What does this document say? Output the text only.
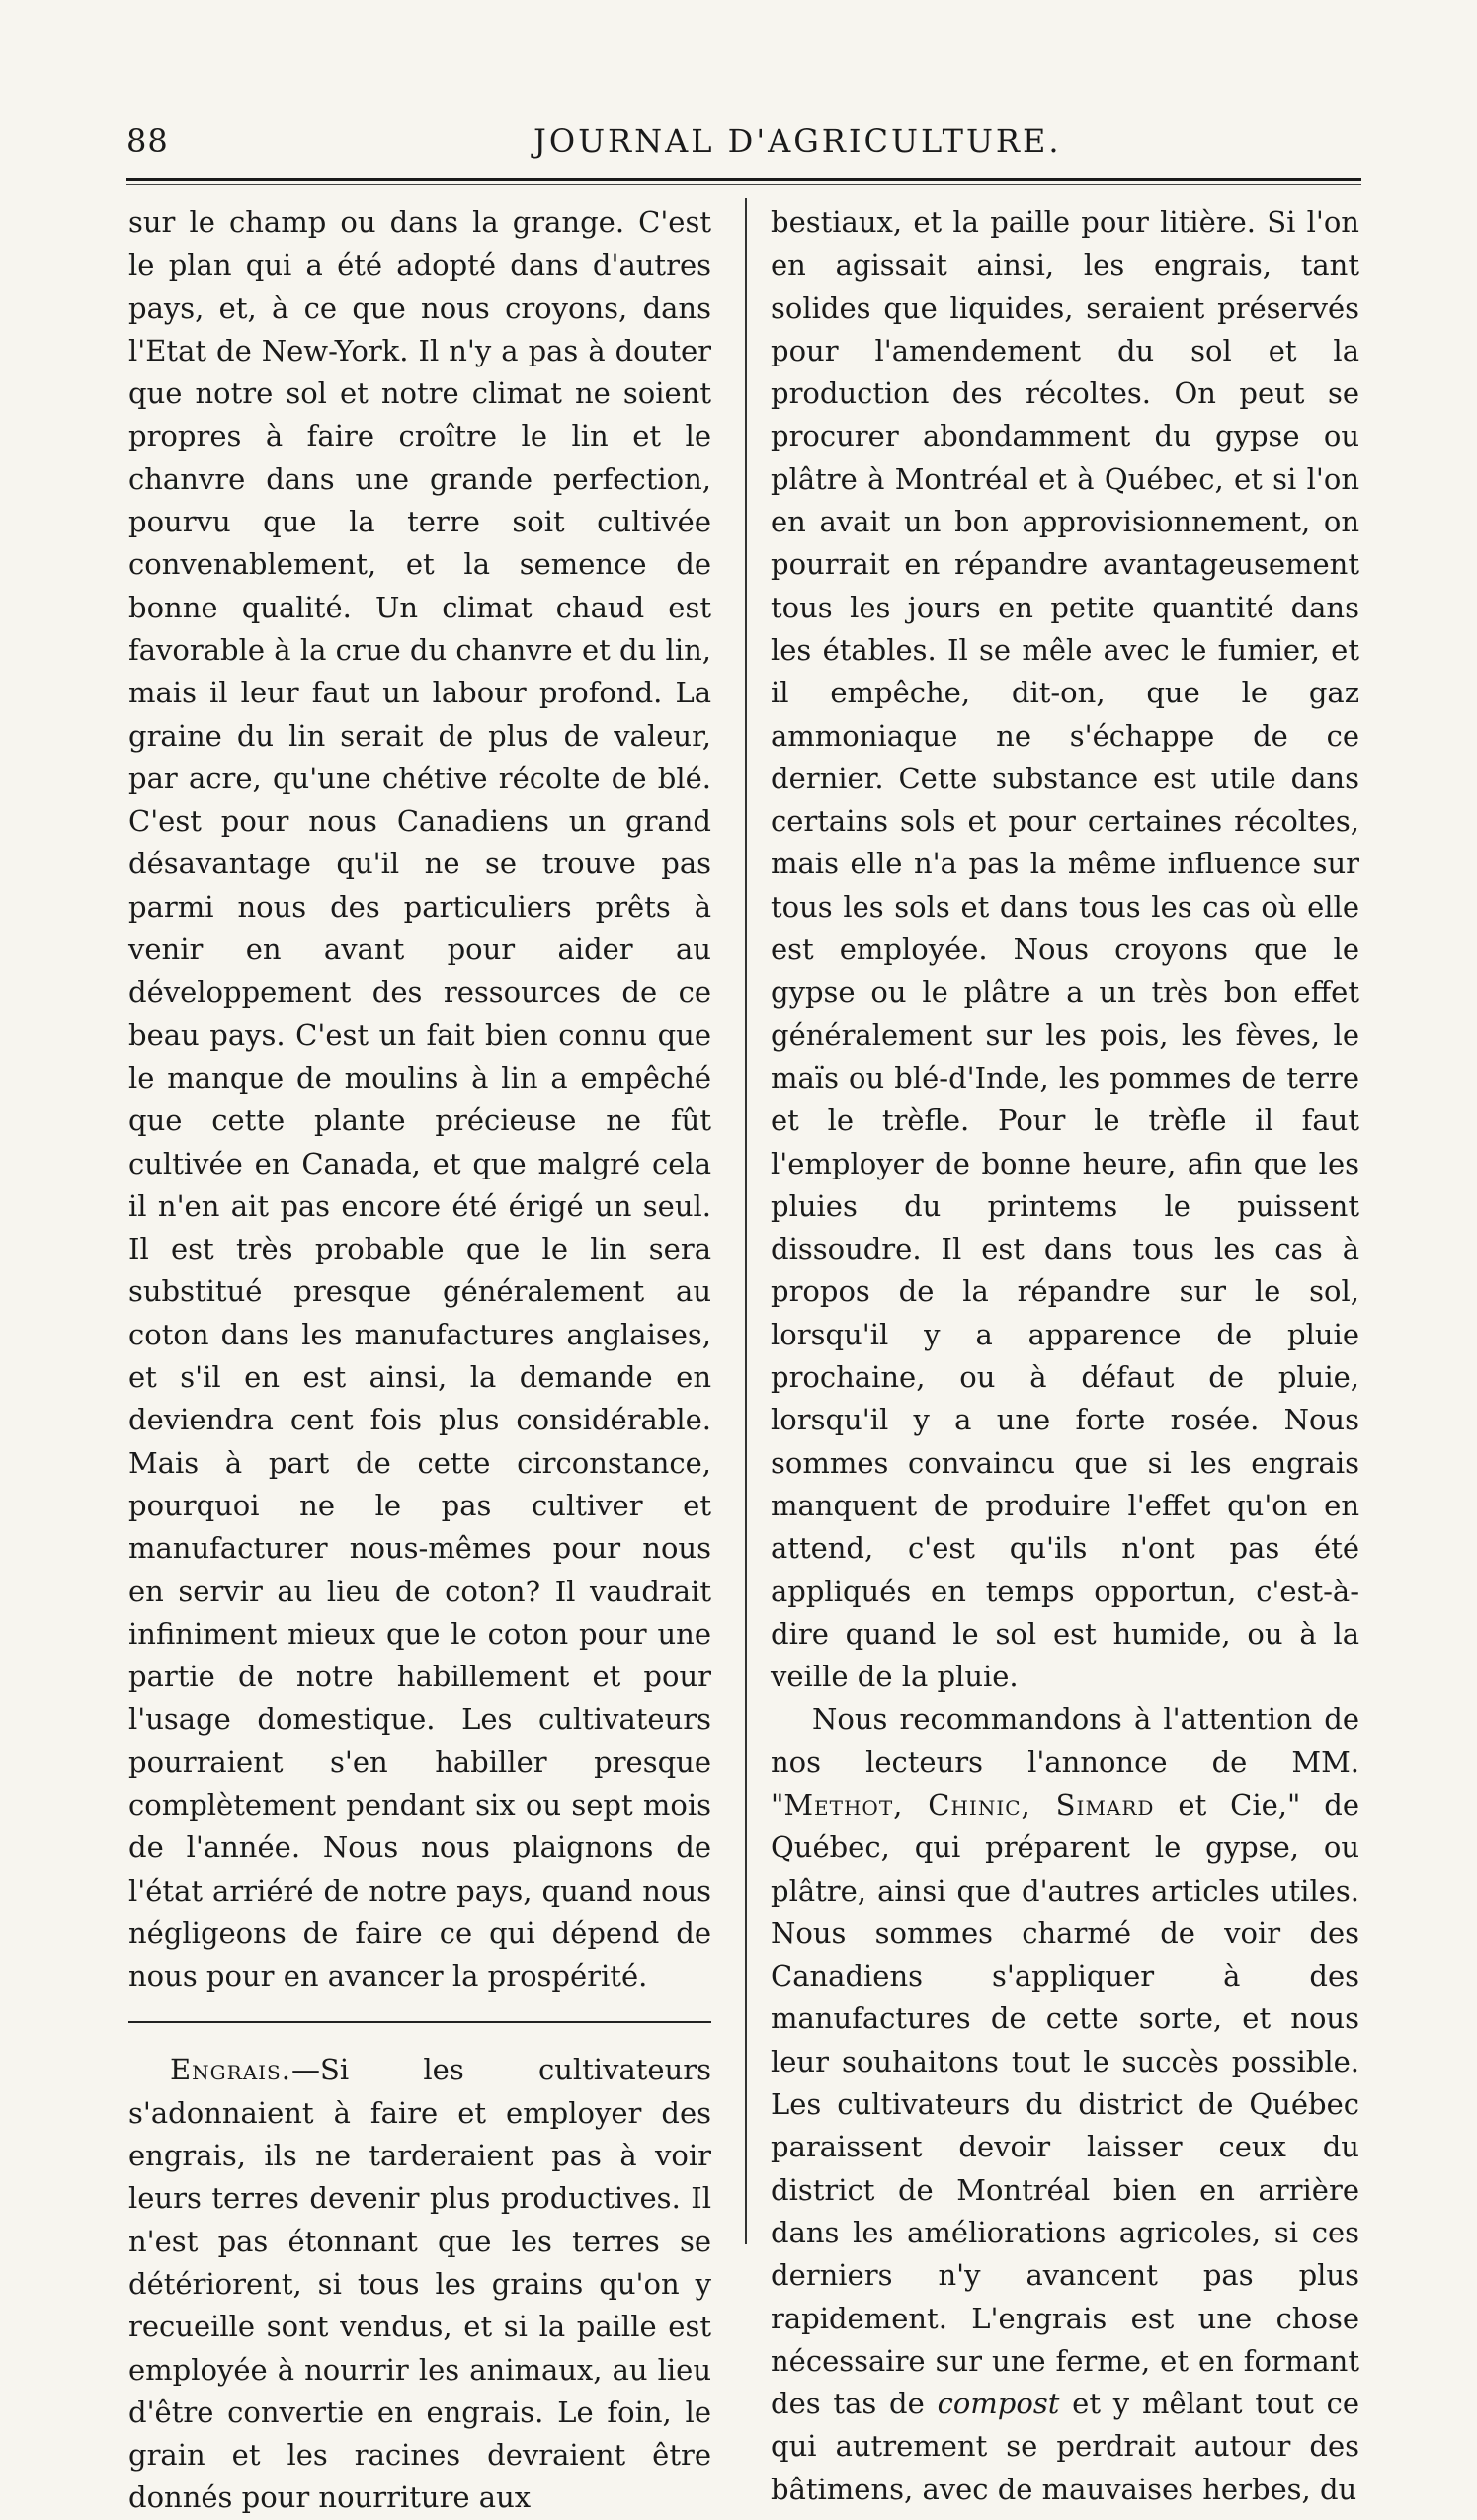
88	JOURNAL D'AGRICULTURE.

sur le champ ou dans la grange. C'est le plan qui a été adopté dans d'autres pays, et, à ce que nous croyons, dans l'Etat de New-York. Il n'y a pas à douter que notre sol et notre climat ne soient propres à faire croître le lin et le chanvre dans une grande perfection, pourvu que la terre soit cultivée convenablement, et la semence de bonne qualité. Un climat chaud est favorable à la crue du chanvre et du lin, mais il leur faut un labour profond. La graine du lin serait de plus de valeur, par acre, qu'une chétive récolte de blé. C'est pour nous Canadiens un grand désavantage qu'il ne se trouve pas parmi nous des particuliers prêts à venir en avant pour aider au développement des ressources de ce beau pays. C'est un fait bien connu que le manque de moulins à lin a empêché que cette plante précieuse ne fût cultivée en Canada, et que malgré cela il n'en ait pas encore été érigé un seul. Il est très probable que le lin sera substitué presque généralement au coton dans les manufactures anglaises, et s'il en est ainsi, la demande en deviendra cent fois plus considérable. Mais à part de cette circonstance, pourquoi ne le pas cultiver et manufacturer nous-mêmes pour nous en servir au lieu de coton? Il vaudrait infiniment mieux que le coton pour une partie de notre habillement et pour l'usage domestique. Les cultivateurs pourraient s'en habiller presque complètement pendant six ou sept mois de l'année. Nous nous plaignons de l'état arriéré de notre pays, quand nous négligeons de faire ce qui dépend de nous pour en avancer la prospérité.

Engrais.—Si les cultivateurs s'adonnaient à faire et employer des engrais, ils ne tarderaient pas à voir leurs terres devenir plus productives. Il n'est pas étonnant que les terres se détériorent, si tous les grains qu'on y recueille sont vendus, et si la paille est employée à nourrir les animaux, au lieu d'être convertie en engrais. Le foin, le grain et les racines devraient être donnés pour nourriture aux

bestiaux, et la paille pour litière. Si l'on en agissait ainsi, les engrais, tant solides que liquides, seraient préservés pour l'amendement du sol et la production des récoltes. On peut se procurer abondamment du gypse ou plâtre à Montréal et à Québec, et si l'on en avait un bon approvisionnement, on pourrait en répandre avantageusement tous les jours en petite quantité dans les étables. Il se mêle avec le fumier, et il empêche, dit-on, que le gaz ammoniaque ne s'échappe de ce dernier. Cette substance est utile dans certains sols et pour certaines récoltes, mais elle n'a pas la même influence sur tous les sols et dans tous les cas où elle est employée. Nous croyons que le gypse ou le plâtre a un très bon effet généralement sur les pois, les fèves, le maïs ou blé-d'Inde, les pommes de terre et le trèfle. Pour le trèfle il faut l'employer de bonne heure, afin que les pluies du printems le puissent dissoudre. Il est dans tous les cas à propos de la répandre sur le sol, lorsqu'il y a apparence de pluie prochaine, ou à défaut de pluie, lorsqu'il y a une forte rosée. Nous sommes convaincu que si les engrais manquent de produire l'effet qu'on en attend, c'est qu'ils n'ont pas été appliqués en temps opportun, c'est-à-dire quand le sol est humide, ou à la veille de la pluie.

Nous recommandons à l'attention de nos lecteurs l'annonce de MM. "Methot, Chinic, Simard et Cie," de Québec, qui préparent le gypse, ou plâtre, ainsi que d'autres articles utiles. Nous sommes charmé de voir des Canadiens s'appliquer à des manufactures de cette sorte, et nous leur souhaitons tout le succès possible. Les cultivateurs du district de Québec paraissent devoir laisser ceux du district de Montréal bien en arrière dans les améliorations agricoles, si ces derniers n'y avancent pas plus rapidement. L'engrais est une chose nécessaire sur une ferme, et en formant des tas de compost et y mêlant tout ce qui autrement se perdrait autour des bâtimens, avec de mauvaises herbes, du
